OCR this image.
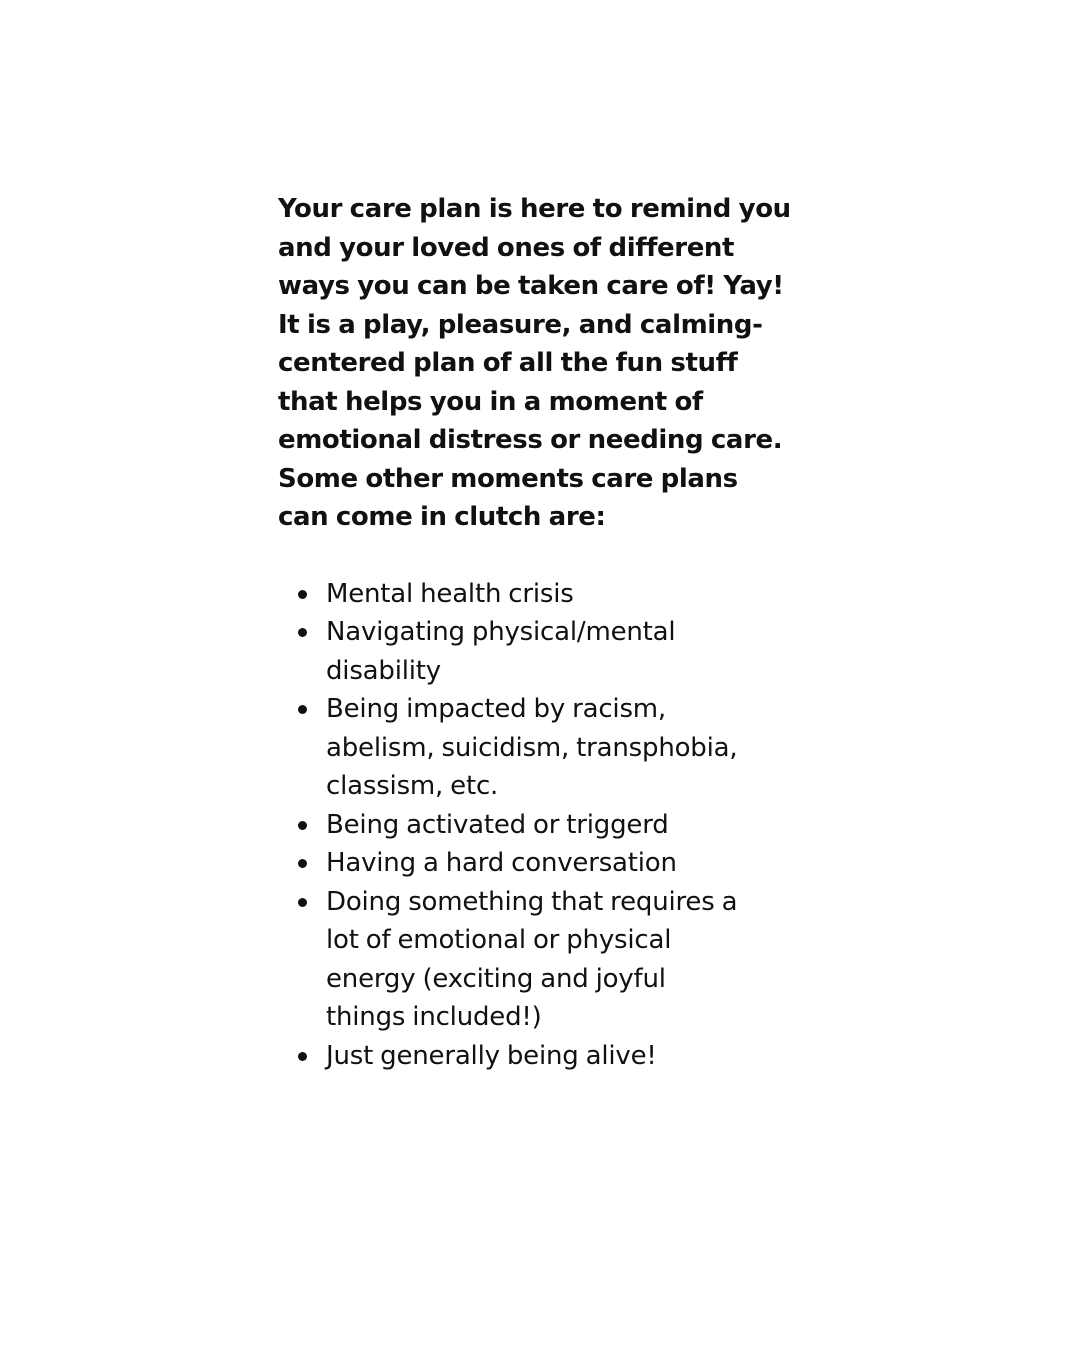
Your care plan is here to remind you
and your loved ones of different
ways you can be taken care of! Yay!
It is a play, pleasure, and calming-
centered plan of all the fun stuff
that helps you in a moment of
emotional distress or needing care.
Some other moments care plans
can come in clutch are:

Mental health crisis
Navigating physical/mental
disability
Being impacted by racism,
abelism, suicidism, transphobia,
classism, etc.
Being activated or triggerd
Having a hard conversation
Doing something that requires a
lot of emotional or physical
energy (exciting and joyful
things included!)
Just generally being alive!
